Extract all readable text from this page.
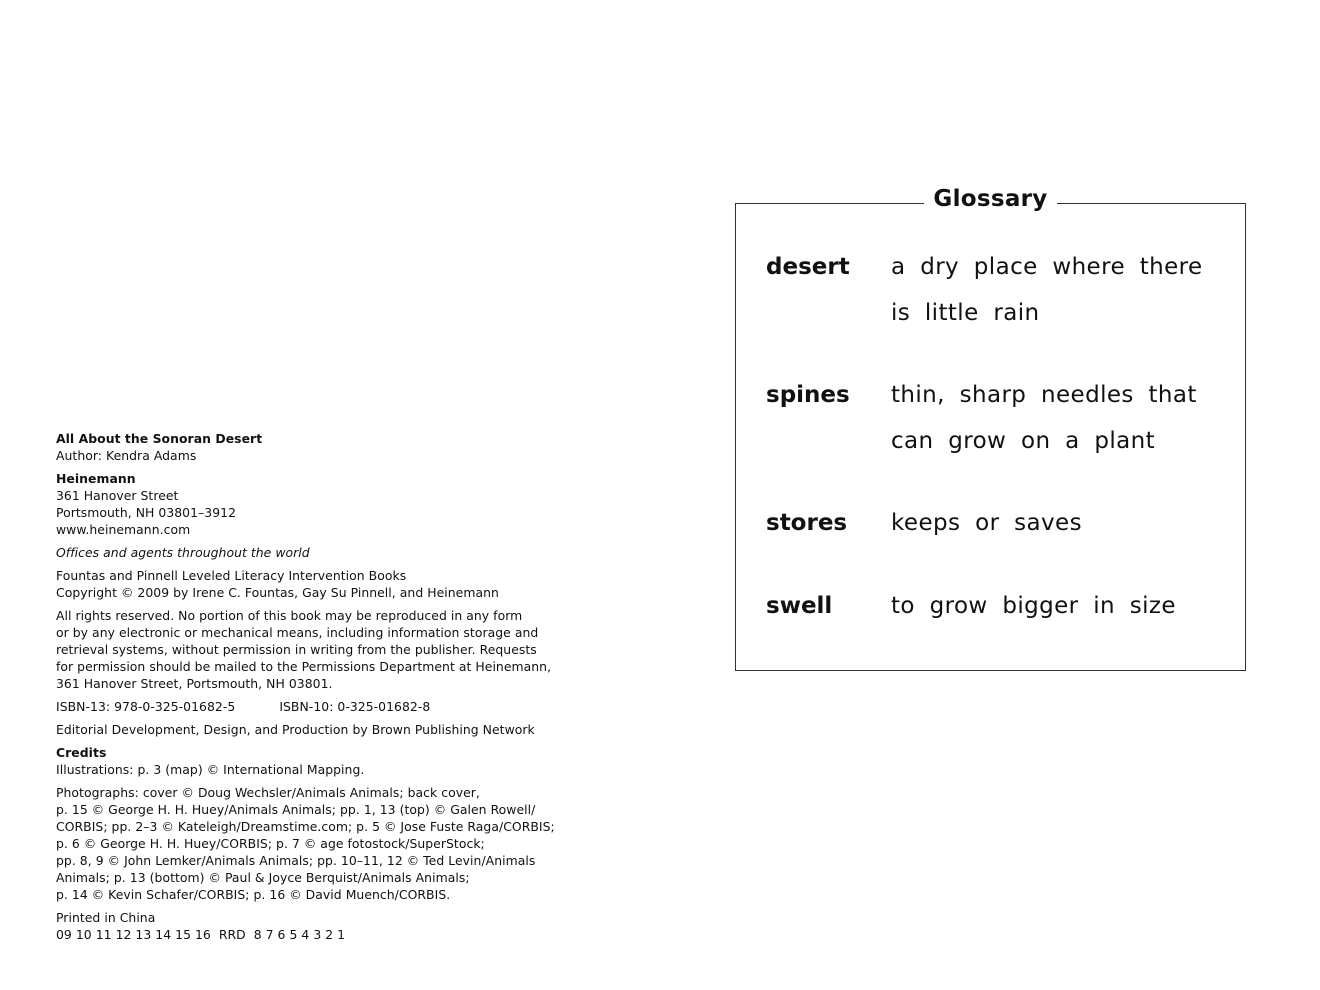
All About the Sonoran Desert
Author: Kendra Adams
Heinemann
361 Hanover Street
Portsmouth, NH 03801–3912
www.heinemann.com
Offices and agents throughout the world
Fountas and Pinnell Leveled Literacy Intervention Books
Copyright © 2009 by Irene C. Fountas, Gay Su Pinnell, and Heinemann
All rights reserved. No portion of this book may be reproduced in any form
or by any electronic or mechanical means, including information storage and
retrieval systems, without permission in writing from the publisher. Requests
for permission should be mailed to the Permissions Department at Heinemann,
361 Hanover Street, Portsmouth, NH 03801.
ISBN-13: 978-0-325-01682-5	ISBN-10: 0-325-01682-8
Editorial Development, Design, and Production by Brown Publishing Network
Credits
Illustrations: p. 3 (map) © International Mapping.
Photographs: cover © Doug Wechsler/Animals Animals; back cover,
p. 15 © George H. H. Huey/Animals Animals; pp. 1, 13 (top) © Galen Rowell/
CORBIS; pp. 2–3 © Kateleigh/Dreamstime.com; p. 5 © Jose Fuste Raga/CORBIS;
p. 6 © George H. H. Huey/CORBIS; p. 7 © age fotostock/SuperStock;
pp. 8, 9 © John Lemker/Animals Animals; pp. 10–11, 12 © Ted Levin/Animals
Animals; p. 13 (bottom) © Paul & Joyce Berquist/Animals Animals;
p. 14 © Kevin Schafer/CORBIS; p. 16 © David Muench/CORBIS.
Printed in China
09 10 11 12 13 14 15 16  RRD  8 7 6 5 4 3 2 1
Glossary
desert a dry place where there
is little rain
spines thin, sharp needles that
can grow on a plant
stores keeps or saves
swell	to grow bigger in size
